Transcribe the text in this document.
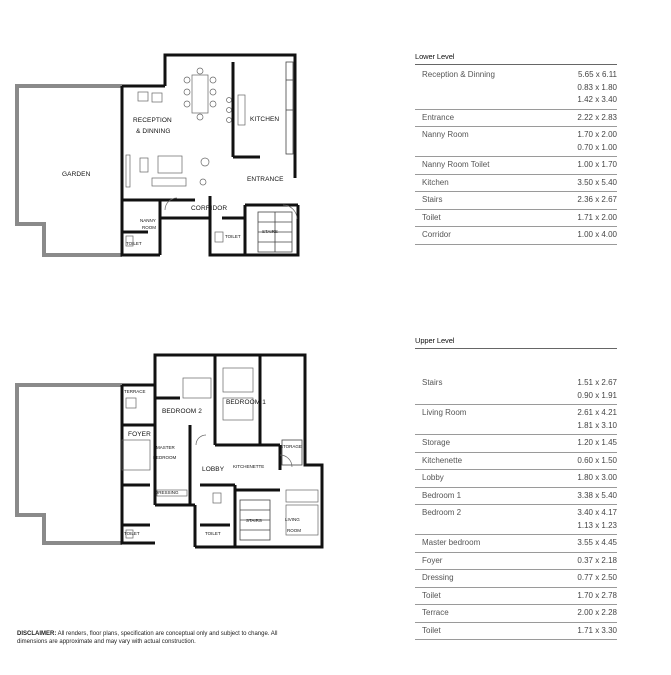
RECEPTION
& DINNING
KITCHEN
GARDEN
ENTRANCE
CORRIDOR
NANNY
ROOM
TOILET
TOILET
STAIRS
TERRACE
BEDROOM 2
BEDROOM 1
FOYER
MASTER
BEDROOM
LOBBY KITCHENETTE
STORAGE
DRESSING
STAIRS	LIVING
ROOM
TOILET	TOILET
Lower Level
Reception & Dinning	5.65 x 6.11
0.83 x 1.80
1.42 x 3.40
Entrance	2.22 x 2.83
Nanny Room	1.70 x 2.00
0.70 x 1.00
Nanny Room Toilet	1.00 x 1.70
Kitchen	3.50 x 5.40
Stairs	2.36 x 2.67
Toilet	1.71 x 2.00
Corridor	1.00 x 4.00
Upper Level
Stairs	1.51 x 2.67
0.90 x 1.91
Living Room	2.61 x 4.21
1.81 x 3.10
Storage	1.20 x 1.45
Kitchenette	0.60 x 1.50
Lobby	1.80 x 3.00
Bedroom 1	3.38 x 5.40
Bedroom 2	3.40 x 4.17
1.13 x 1.23
Master bedroom	3.55 x 4.45
Foyer	0.37 x 2.18
Dressing	0.77 x 2.50
Toilet	1.70 x 2.78
Terrace	2.00 x 2.28
Toilet	1.71 x 3.30
DISCLAIMER: All renders, floor plans, specification are conceptual only and subject to change. All dimensions are approximate and may vary with actual construction.
